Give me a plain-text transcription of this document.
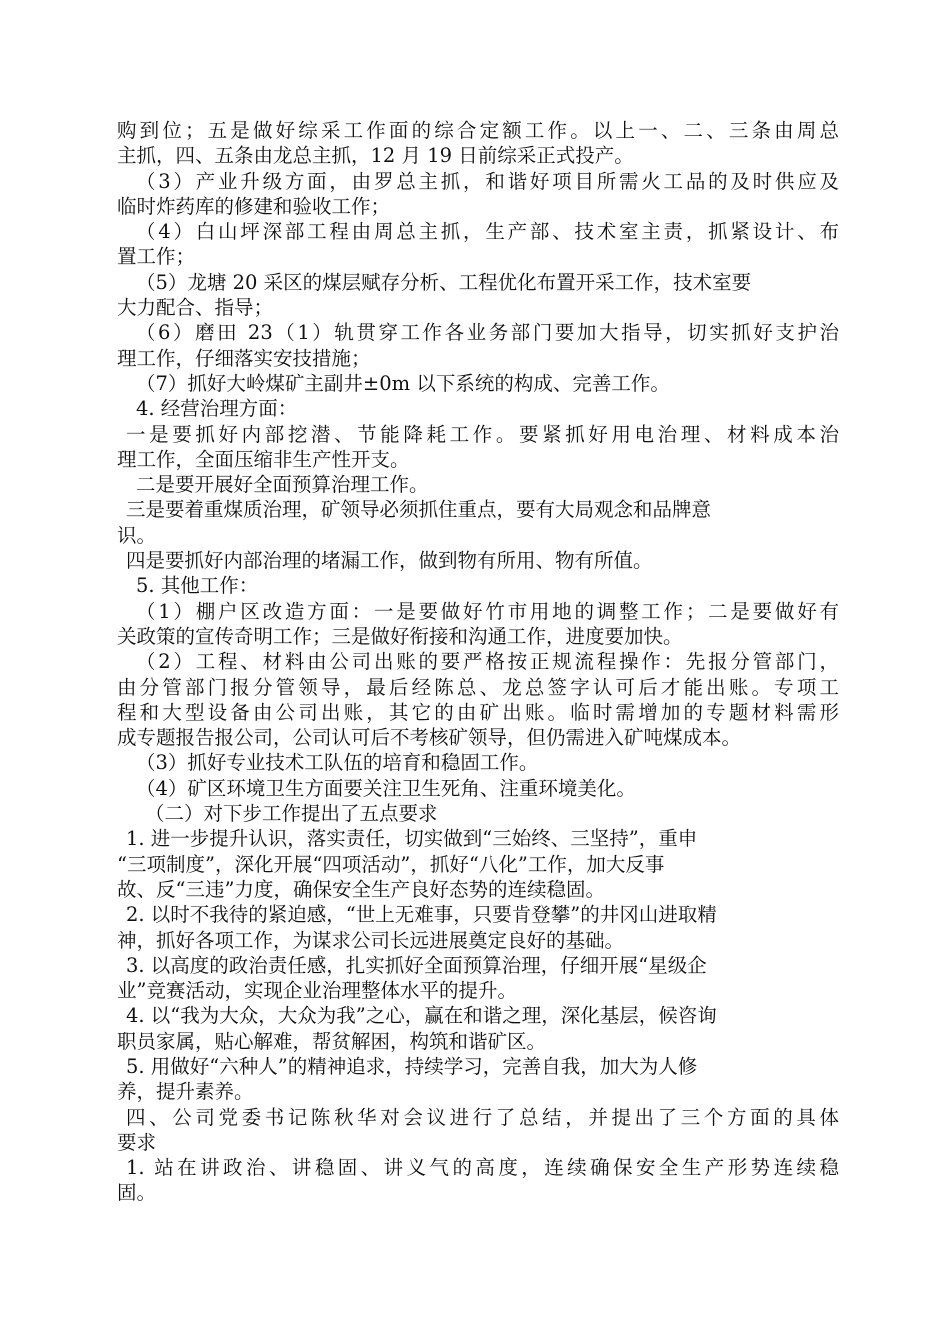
购到位；五是做好综采工作面的综合定额工作。以上一、二、三条由周总
主抓，四、五条由龙总主抓，12 月 19 日前综采正式投产。
（3）产业升级方面，由罗总主抓，和谐好项目所需火工品的及时供应及
临时炸药库的修建和验收工作；
（4）白山坪深部工程由周总主抓，生产部、技术室主责，抓紧设计、布
置工作；
（5）龙塘 20 采区的煤层赋存分析、工程优化布置开采工作，技术室要
大力配合、指导；
（6）磨田 23（1）轨贯穿工作各业务部门要加大指导，切实抓好支护治
理工作，仔细落实安技措施；
（7）抓好大岭煤矿主副井±0m 以下系统的构成、完善工作。
4. 经营治理方面：
一是要抓好内部挖潜、节能降耗工作。要紧抓好用电治理、材料成本治
理工作，全面压缩非生产性开支。
二是要开展好全面预算治理工作。
三是要着重煤质治理，矿领导必须抓住重点，要有大局观念和品牌意
识。
四是要抓好内部治理的堵漏工作，做到物有所用、物有所值。
5. 其他工作：
（1）棚户区改造方面：一是要做好竹市用地的调整工作；二是要做好有
关政策的宣传奇明工作；三是做好衔接和沟通工作，进度要加快。
（2）工程、材料由公司出账的要严格按正规流程操作：先报分管部门，
由分管部门报分管领导，最后经陈总、龙总签字认可后才能出账。专项工
程和大型设备由公司出账，其它的由矿出账。临时需增加的专题材料需形
成专题报告报公司，公司认可后不考核矿领导，但仍需进入矿吨煤成本。
（3）抓好专业技术工队伍的培育和稳固工作。
（4）矿区环境卫生方面要关注卫生死角、注重环境美化。
（二）对下步工作提出了五点要求
1. 进一步提升认识，落实责任，切实做到“三始终、三坚持”，重申
“三项制度”，深化开展“四项活动”，抓好“八化”工作，加大反事
故、反“三违”力度，确保安全生产良好态势的连续稳固。
2. 以时不我待的紧迫感，“世上无难事，只要肯登攀”的井冈山进取精
神，抓好各项工作，为谋求公司长远进展奠定良好的基础。
3. 以高度的政治责任感，扎实抓好全面预算治理，仔细开展“星级企
业”竞赛活动，实现企业治理整体水平的提升。
4. 以“我为大众，大众为我”之心，赢在和谐之理，深化基层，候咨询
职员家属，贴心解难，帮贫解困，构筑和谐矿区。
5. 用做好“六种人”的精神追求，持续学习，完善自我，加大为人修
养，提升素养。
四、公司党委书记陈秋华对会议进行了总结，并提出了三个方面的具体
要求
1. 站在讲政治、讲稳固、讲义气的高度，连续确保安全生产形势连续稳
固。
